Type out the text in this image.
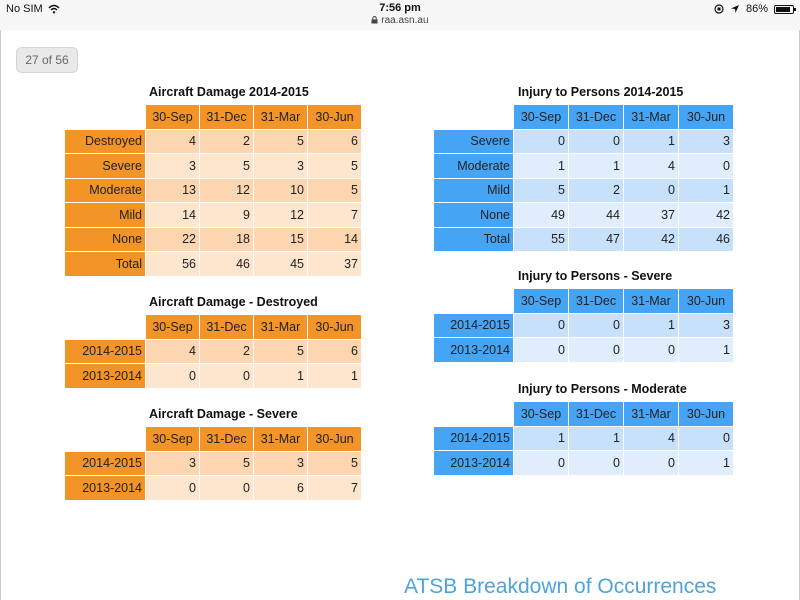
No SIM	7:56 pm
raa.asn.au
86%
27 of 56
Aircraft Damage 2014-2015
	30-Sep	31-Dec	31-Mar	30-Jun
Destroyed	4	2	5	6
Severe	3	5	3	5
Moderate	13	12	10	5
Mild	14	9	12	7
None	22	18	15	14
Total	56	46	45	37
Aircraft Damage - Destroyed
	30-Sep	31-Dec	31-Mar	30-Jun
2014-2015	4	2	5	6
2013-2014	0	0	1	1
Aircraft Damage - Severe
	30-Sep	31-Dec	31-Mar	30-Jun
2014-2015	3	5	3	5
2013-2014	0	0	6	7
Injury to Persons 2014-2015
	30-Sep	31-Dec	31-Mar	30-Jun
Severe	0	0	1	3
Moderate	1	1	4	0
Mild	5	2	0	1
None	49	44	37	42
Total	55	47	42	46
Injury to Persons - Severe
	30-Sep	31-Dec	31-Mar	30-Jun
2014-2015	0	0	1	3
2013-2014	0	0	0	1
Injury to Persons - Moderate
	30-Sep	31-Dec	31-Mar	30-Jun
2014-2015	1	1	4	0
2013-2014	0	0	0	1
ATSB Breakdown of Occurrences
